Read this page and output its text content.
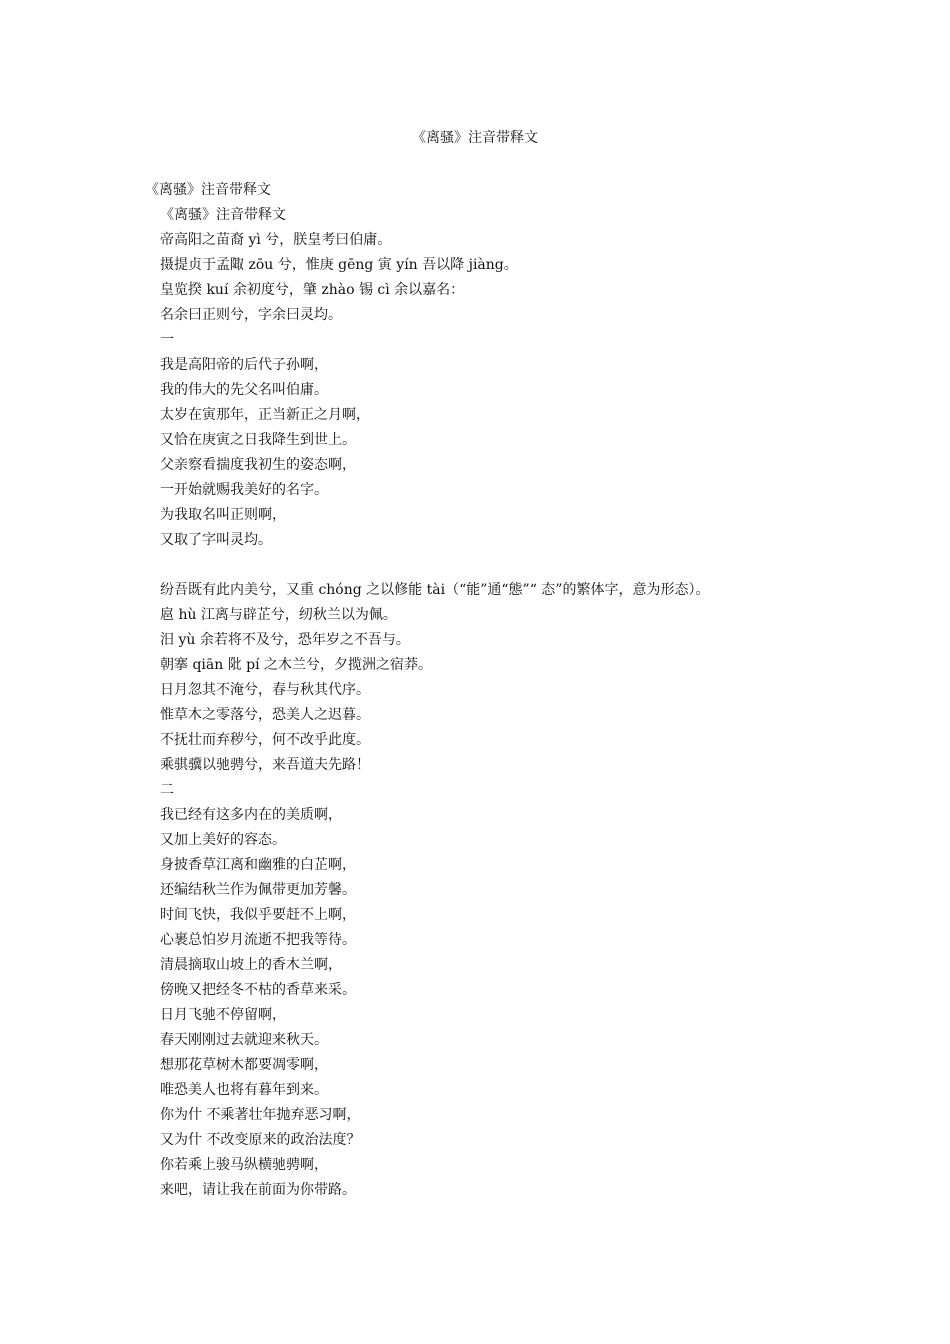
《离骚》注音带释文
《离骚》注音带释文
《离骚》注音带释文
帝高阳之苗裔 yì 兮，朕皇考曰伯庸。
摄提贞于孟陬 zōu 兮，惟庚 gēng 寅 yín 吾以降 jiàng。
皇览揆 kuí 余初度兮，肇 zhào 锡 cì 余以嘉名：
名余曰正则兮，字余曰灵均。
一
我是高阳帝的后代子孙啊，
我的伟大的先父名叫伯庸。
太岁在寅那年，正当新正之月啊，
又恰在庚寅之日我降生到世上。
父亲察看揣度我初生的姿态啊，
一开始就赐我美好的名字。
为我取名叫正则啊，
又取了字叫灵均。
纷吾既有此内美兮，又重 chóng 之以修能 tài（“能”通“態”“ 态”的繁体字，意为形态）。
扈 hù 江离与辟芷兮，纫秋兰以为佩。
汨 yù 余若将不及兮，恐年岁之不吾与。
朝搴 qiān 阰 pí 之木兰兮，夕揽洲之宿莽。
日月忽其不淹兮，春与秋其代序。
惟草木之零落兮，恐美人之迟暮。
不抚壮而弃秽兮，何不改乎此度。
乘骐骥以驰骋兮，来吾道夫先路！
二
我已经有这多内在的美质啊，
又加上美好的容态。
身披香草江离和幽雅的白芷啊，
还编结秋兰作为佩带更加芳馨。
时间飞快，我似乎要赶不上啊，
心裹总怕岁月流逝不把我等待。
清晨摘取山坡上的香木兰啊，
傍晚又把经冬不枯的香草来采。
日月飞驰不停留啊，
春天刚刚过去就迎来秋天。
想那花草树木都要凋零啊，
唯恐美人也将有暮年到来。
你为什 不乘著壮年抛弃恶习啊，
又为什 不改变原来的政治法度？
你若乘上骏马纵横驰骋啊，
来吧，请让我在前面为你带路。
